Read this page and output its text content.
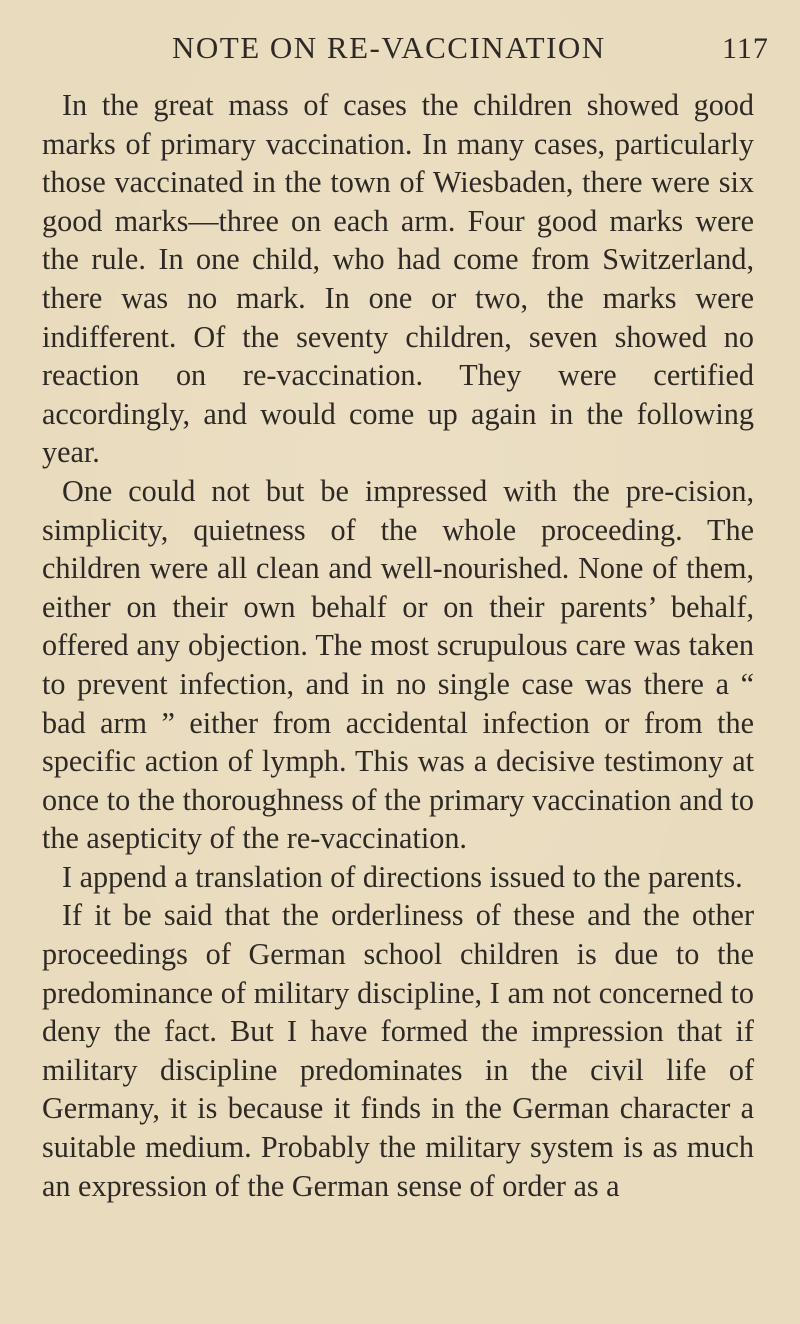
NOTE ON RE-VACCINATION	117

In the great mass of cases the children showed good marks of primary vaccination. In many cases, particularly those vaccinated in the town of Wiesbaden, there were six good marks—three on each arm. Four good marks were the rule. In one child, who had come from Switzerland, there was no mark. In one or two, the marks were indifferent. Of the seventy children, seven showed no reaction on re-vaccination. They were certified accordingly, and would come up again in the following year.

One could not but be impressed with the pre-cision, simplicity, quietness of the whole proceeding. The children were all clean and well-nourished. None of them, either on their own behalf or on their parents’ behalf, offered any objection. The most scrupulous care was taken to prevent infection, and in no single case was there a “ bad arm ” either from accidental infection or from the specific action of lymph. This was a decisive testimony at once to the thoroughness of the primary vaccination and to the asepticity of the re-vaccination.

I append a translation of directions issued to the parents.

If it be said that the orderliness of these and the other proceedings of German school children is due to the predominance of military discipline, I am not concerned to deny the fact. But I have formed the impression that if military discipline predominates in the civil life of Germany, it is because it finds in the German character a suitable medium. Probably the military system is as much an expression of the German sense of order as a
